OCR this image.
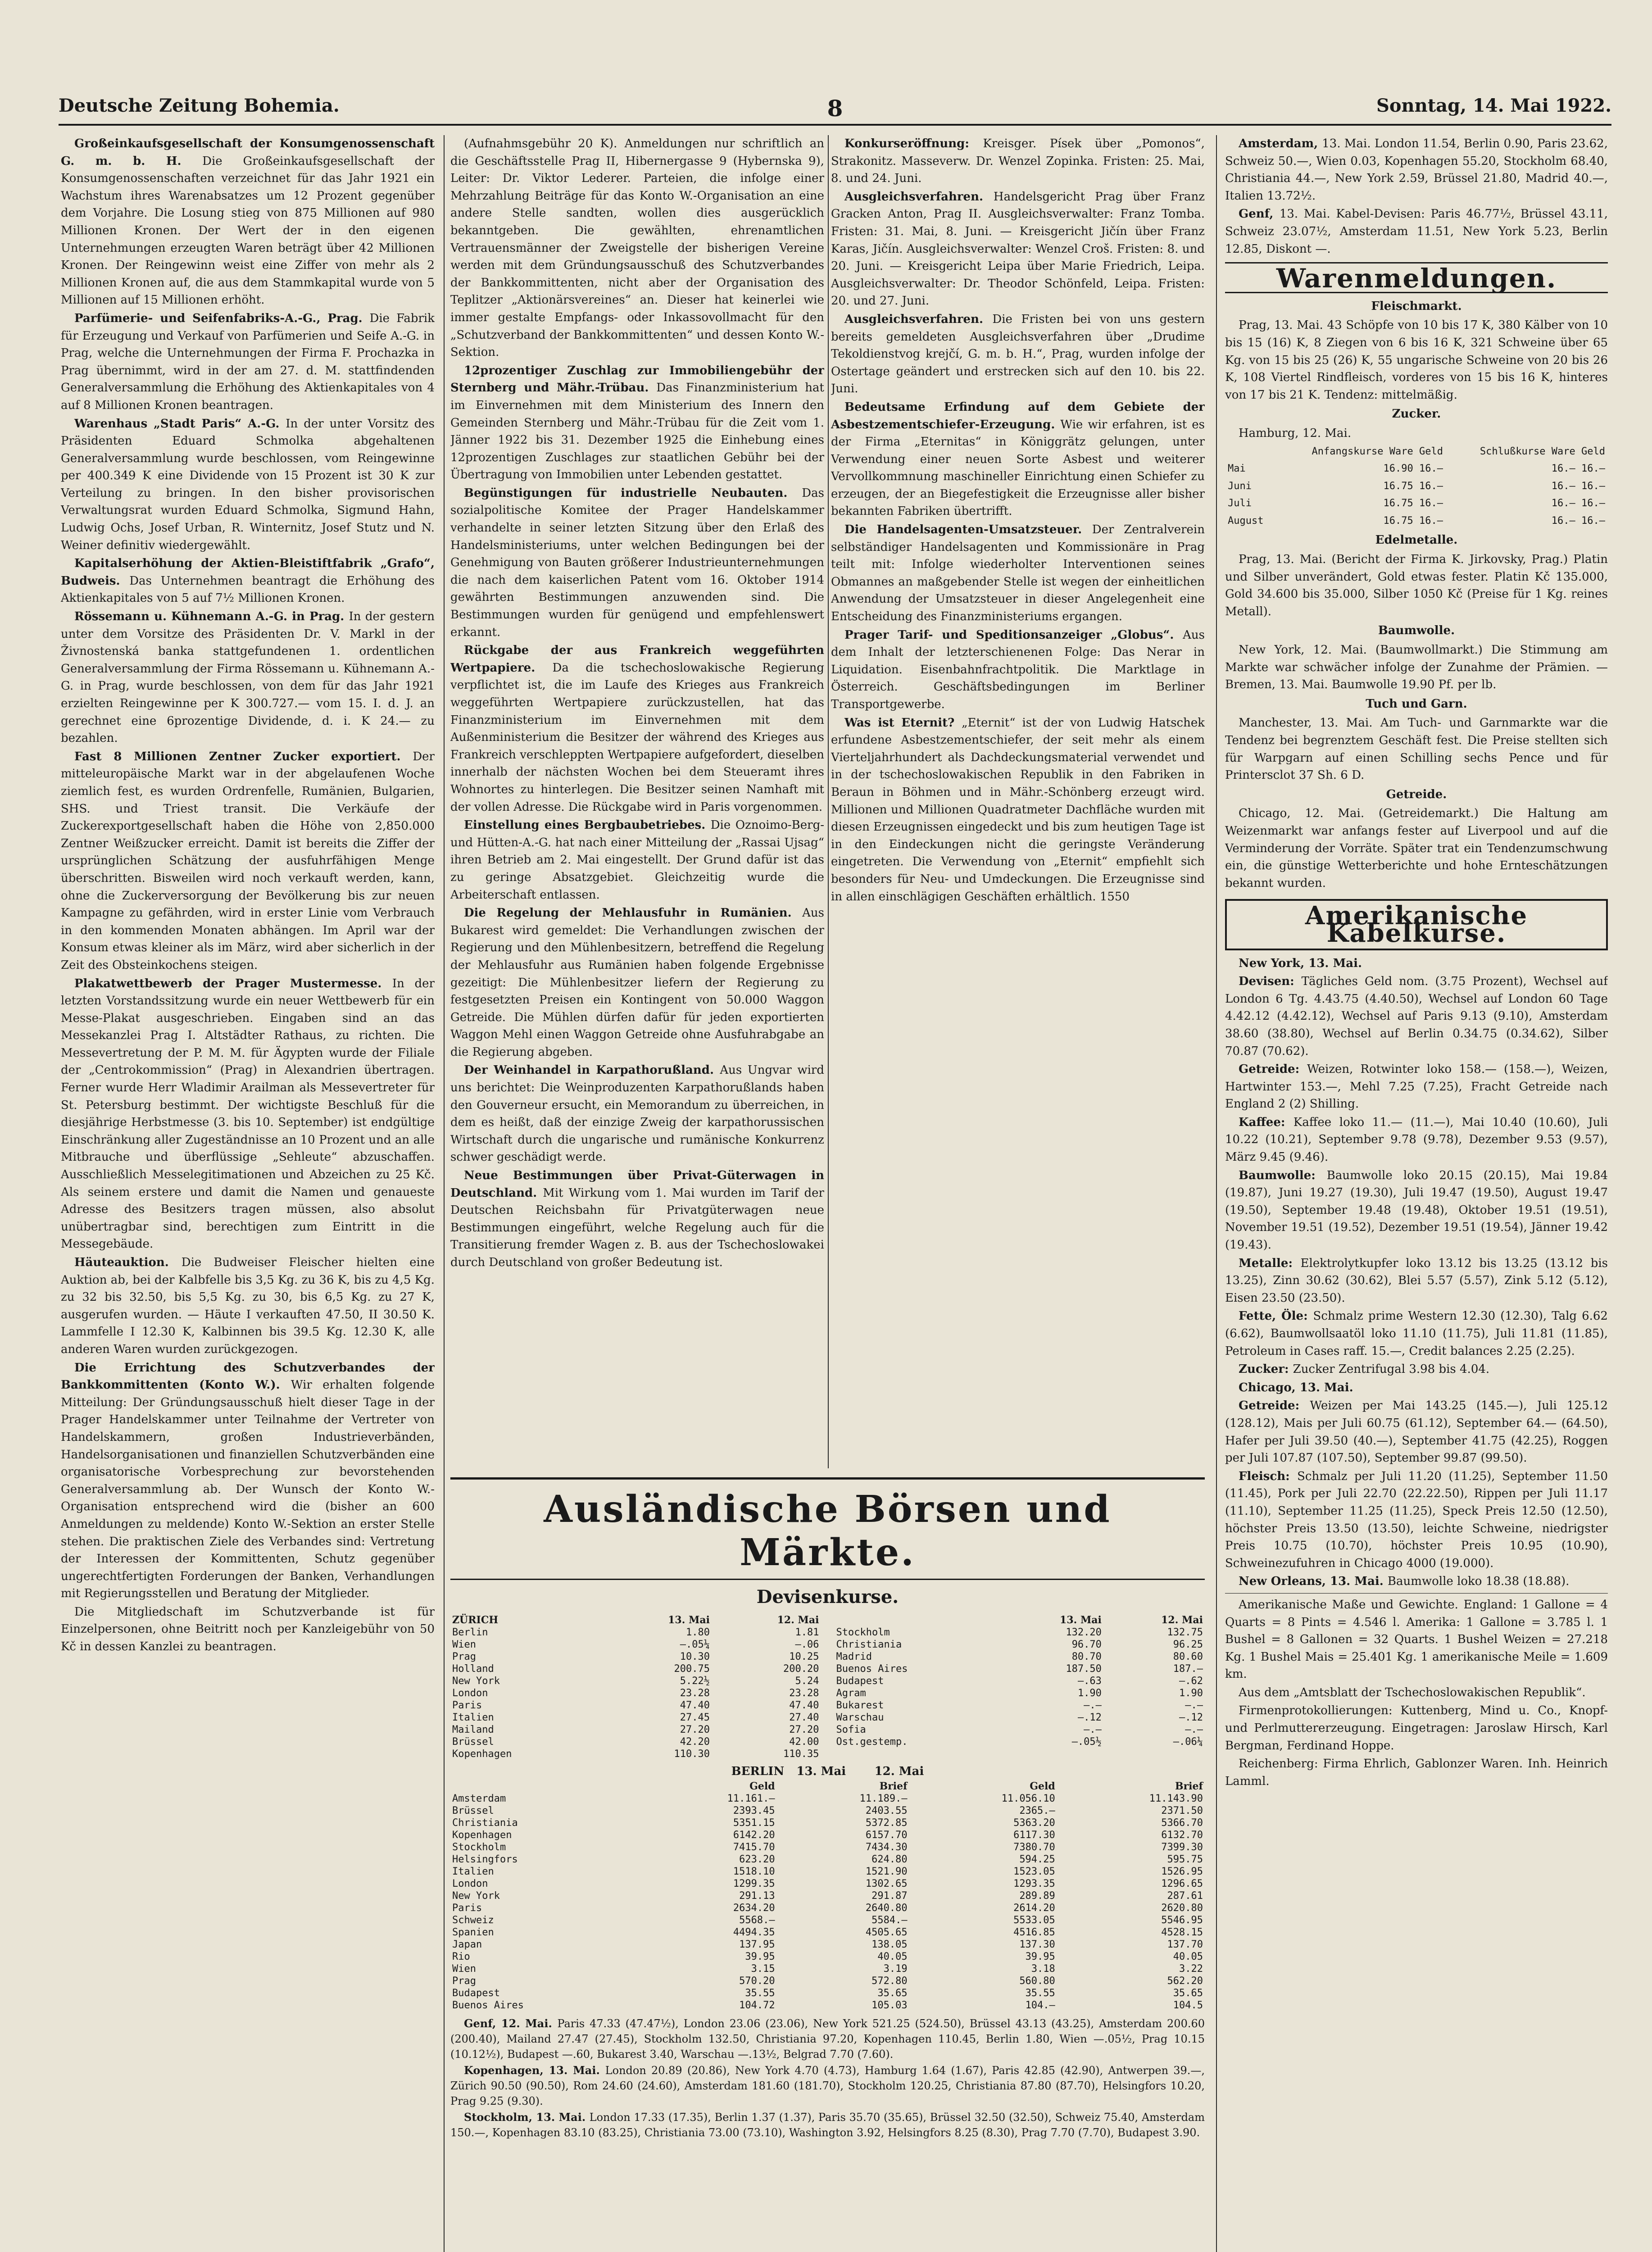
Deutsche Zeitung Bohemia.	8	Sonntag, 14. Mai 1922.

Großeinkaufsgesellschaft der Konsumgenossenschaft G. m. b. H. Die Großeinkaufsgesellschaft der Konsumgenossenschaften verzeichnet für das Jahr 1921 ein Wachstum ihres Warenabsatzes um 12 Prozent gegenüber dem Vorjahre. Die Losung stieg von 875 Millionen auf 980 Millionen Kronen. Der Wert der in den eigenen Unternehmungen erzeugten Waren beträgt über 42 Millionen Kronen. Der Reingewinn weist eine Ziffer von mehr als 2 Millionen Kronen auf, die aus dem Stammkapital wurde von 5 Millionen auf 15 Millionen erhöht.

Parfümerie- und Seifenfabriks-A.-G., Prag. Die Fabrik für Erzeugung und Verkauf von Parfümerien und Seife A.-G. in Prag, welche die Unternehmungen der Firma F. Prochazka in Prag übernimmt, wird in der am 27. d. M. stattfindenden Generalversammlung die Erhöhung des Aktienkapitales von 4 auf 8 Millionen Kronen beantragen.

Warenhaus „Stadt Paris“ A.-G. In der unter Vorsitz des Präsidenten Eduard Schmolka abgehaltenen Generalversammlung wurde beschlossen, vom Reingewinne per 400.349 K eine Dividende von 15 Prozent ist 30 K zur Verteilung zu bringen. In den bisher provisorischen Verwaltungsrat wurden Eduard Schmolka, Sigmund Hahn, Ludwig Ochs, Josef Urban, R. Winternitz, Josef Stutz und N. Weiner definitiv wiedergewählt.

Kapitalserhöhung der Aktien-Bleistiftfabrik „Grafo“, Budweis. Das Unternehmen beantragt die Erhöhung des Aktienkapitales von 5 auf 7½ Millionen Kronen.

Rössemann u. Kühnemann A.-G. in Prag. In der gestern unter dem Vorsitze des Präsidenten Dr. V. Markl in der Živnostenská banka stattgefundenen 1. ordentlichen Generalversammlung der Firma Rössemann u. Kühnemann A.-G. in Prag, wurde beschlossen, von dem für das Jahr 1921 erzielten Reingewinne per K 300.727.— vom 15. I. d. J. an gerechnet eine 6prozentige Dividende, d. i. K 24.— zu bezahlen.

Fast 8 Millionen Zentner Zucker exportiert. Der mitteleuropäische Markt war in der abgelaufenen Woche ziemlich fest, es wurden Ordrenfelle, Rumänien, Bulgarien, SHS. und Triest transit. Die Verkäufe der Zuckerexportgesellschaft haben die Höhe von 2,850.000 Zentner Weißzucker erreicht. Damit ist bereits die Ziffer der ursprünglichen Schätzung der ausfuhrfähigen Menge überschritten. Bisweilen wird noch verkauft werden, kann, ohne die Zuckerversorgung der Bevölkerung bis zur neuen Kampagne zu gefährden, wird in erster Linie vom Verbrauch in den kommenden Monaten abhängen. Im April war der Konsum etwas kleiner als im März, wird aber sicherlich in der Zeit des Obsteinkochens steigen.

Plakatwettbewerb der Prager Mustermesse. In der letzten Vorstandssitzung wurde ein neuer Wettbewerb für ein Messe-Plakat ausgeschrieben. Eingaben sind an das Messekanzlei Prag I. Altstädter Rathaus, zu richten. Die Messevertretung der P. M. M. für Ägypten wurde der Filiale der „Centrokommission“ (Prag) in Alexandrien übertragen. Ferner wurde Herr Wladimir Arailman als Messevertreter für St. Petersburg bestimmt. Der wichtigste Beschluß für die diesjährige Herbstmesse (3. bis 10. September) ist endgültige Einschränkung aller Zugeständnisse an 10 Prozent und an alle Mitbrauche und überflüssige „Sehleute“ abzuschaffen. Ausschließlich Messelegitimationen und Abzeichen zu 25 Kč. Als seinem erstere und damit die Namen und genaueste Adresse des Besitzers tragen müssen, also absolut unübertragbar sind, berechtigen zum Eintritt in die Messegebäude.

Häuteauktion. Die Budweiser Fleischer hielten eine Auktion ab, bei der Kalbfelle bis 3,5 Kg. zu 36 K, bis zu 4,5 Kg. zu 32 bis 32.50, bis 5,5 Kg. zu 30, bis 6,5 Kg. zu 27 K, ausgerufen wurden. — Häute I verkauften 47.50, II 30.50 K. Lammfelle I 12.30 K, Kalbinnen bis 39.5 Kg. 12.30 K, alle anderen Waren wurden zurückgezogen.

Die Errichtung des Schutzverbandes der Bankkommittenten (Konto W.). Wir erhalten folgende Mitteilung: Der Gründungsausschuß hielt dieser Tage in der Prager Handelskammer unter Teilnahme der Vertreter von Handelskammern, großen Industrieverbänden, Handelsorganisationen und finanziellen Schutzverbänden eine organisatorische Vorbesprechung zur bevorstehenden Generalversammlung ab. Der Wunsch der Konto W.-Organisation entsprechend wird die (bisher an 600 Anmeldungen zu meldende) Konto W.-Sektion an erster Stelle stehen. Die praktischen Ziele des Verbandes sind: Vertretung der Interessen der Kommittenten, Schutz gegenüber ungerechtfertigten Forderungen der Banken, Verhandlungen mit Regierungsstellen und Beratung der Mitglieder.

Die Mitgliedschaft im Schutzverbande ist für Einzelpersonen, ohne Beitritt noch per Kanzleigebühr von 50 Kč in dessen Kanzlei zu beantragen.

(Aufnahmsgebühr 20 K). Anmeldungen nur schriftlich an die Geschäftsstelle Prag II, Hibernergasse 9 (Hybernska 9), Leiter: Dr. Viktor Lederer. Parteien, die infolge einer Mehrzahlung Beiträge für das Konto W.-Organisation an eine andere Stelle sandten, wollen dies ausgerücklich bekanntgeben. Die gewählten, ehrenamtlichen Vertrauensmänner der Zweigstelle der bisherigen Vereine werden mit dem Gründungsausschuß des Schutzverbandes der Bankkommittenten, nicht aber der Organisation des Teplitzer „Aktionärsvereines“ an. Dieser hat keinerlei wie immer gestalte Empfangs- oder Inkassovollmacht für den „Schutzverband der Bankkommittenten“ und dessen Konto W.-Sektion.

12prozentiger Zuschlag zur Immobiliengebühr der Sternberg und Mähr.-Trübau. Das Finanzministerium hat im Einvernehmen mit dem Ministerium des Innern den Gemeinden Sternberg und Mähr.-Trübau für die Zeit vom 1. Jänner 1922 bis 31. Dezember 1925 die Einhebung eines 12prozentigen Zuschlages zur staatlichen Gebühr bei der Übertragung von Immobilien unter Lebenden gestattet.

Begünstigungen für industrielle Neubauten. Das sozialpolitische Komitee der Prager Handelskammer verhandelte in seiner letzten Sitzung über den Erlaß des Handelsministeriums, unter welchen Bedingungen bei der Genehmigung von Bauten größerer Industrieunternehmungen die nach dem kaiserlichen Patent vom 16. Oktober 1914 gewährten Bestimmungen anzuwenden sind. Die Bestimmungen wurden für genügend und empfehlenswert erkannt.

Rückgabe der aus Frankreich weggeführten Wertpapiere. Da die tschechoslowakische Regierung verpflichtet ist, die im Laufe des Krieges aus Frankreich weggeführten Wertpapiere zurückzustellen, hat das Finanzministerium im Einvernehmen mit dem Außenministerium die Besitzer der während des Krieges aus Frankreich verschleppten Wertpapiere aufgefordert, dieselben innerhalb der nächsten Wochen bei dem Steueramt ihres Wohnortes zu hinterlegen. Die Besitzer seinen Namhaft mit der vollen Adresse. Die Rückgabe wird in Paris vorgenommen.

Einstellung eines Bergbaubetriebes. Die Oznoimo-Berg- und Hütten-A.-G. hat nach einer Mitteilung der „Rassai Ujsag“ ihren Betrieb am 2. Mai eingestellt. Der Grund dafür ist das zu geringe Absatzgebiet. Gleichzeitig wurde die Arbeiterschaft entlassen.

Die Regelung der Mehlausfuhr in Rumänien. Aus Bukarest wird gemeldet: Die Verhandlungen zwischen der Regierung und den Mühlenbesitzern, betreffend die Regelung der Mehlausfuhr aus Rumänien haben folgende Ergebnisse gezeitigt: Die Mühlenbesitzer liefern der Regierung zu festgesetzten Preisen ein Kontingent von 50.000 Waggon Getreide. Die Mühlen dürfen dafür für jeden exportierten Waggon Mehl einen Waggon Getreide ohne Ausfuhrabgabe an die Regierung abgeben.

Der Weinhandel in Karpathorußland. Aus Ungvar wird uns berichtet: Die Weinproduzenten Karpathorußlands haben den Gouverneur ersucht, ein Memorandum zu überreichen, in dem es heißt, daß der einzige Zweig der karpathorussischen Wirtschaft durch die ungarische und rumänische Konkurrenz schwer geschädigt werde.

Neue Bestimmungen über Privat-Güterwagen in Deutschland. Mit Wirkung vom 1. Mai wurden im Tarif der Deutschen Reichsbahn für Privatgüterwagen neue Bestimmungen eingeführt, welche Regelung auch für die Transitierung fremder Wagen z. B. aus der Tschechoslowakei durch Deutschland von großer Bedeutung ist.

Konkurseröffnung: Kreisger. Písek über „Pomonos“, Strakonitz. Masseverw. Dr. Wenzel Zopinka. Fristen: 25. Mai, 8. und 24. Juni.

Ausgleichsverfahren. Handelsgericht Prag über Franz Gracken Anton, Prag II. Ausgleichsverwalter: Franz Tomba. Fristen: 31. Mai, 8. Juni. — Kreisgericht Jičín über Franz Karas, Jičín. Ausgleichsverwalter: Wenzel Croš. Fristen: 8. und 20. Juni. — Kreisgericht Leipa über Marie Friedrich, Leipa. Ausgleichsverwalter: Dr. Theodor Schönfeld, Leipa. Fristen: 20. und 27. Juni.

Ausgleichsverfahren. Die Fristen bei von uns gestern bereits gemeldeten Ausgleichsverfahren über „Drudime Tekoldienstvog krejčí, G. m. b. H.“, Prag, wurden infolge der Ostertage geändert und erstrecken sich auf den 10. bis 22. Juni.

Bedeutsame Erfindung auf dem Gebiete der Asbestzementschiefer-Erzeugung. Wie wir erfahren, ist es der Firma „Eternitas“ in Königgrätz gelungen, unter Verwendung einer neuen Sorte Asbest und weiterer Vervollkommnung maschineller Einrichtung einen Schiefer zu erzeugen, der an Biegefestigkeit die Erzeugnisse aller bisher bekannten Fabriken übertrifft.

Die Handelsagenten-Umsatzsteuer. Der Zentralverein selbständiger Handelsagenten und Kommissionäre in Prag teilt mit: Infolge wiederholter Interventionen seines Obmannes an maßgebender Stelle ist wegen der einheitlichen Anwendung der Umsatzsteuer in dieser Angelegenheit eine Entscheidung des Finanzministeriums ergangen.

Prager Tarif- und Speditionsanzeiger „Globus“. Aus dem Inhalt der letzterschienenen Folge: Das Nerar in Liquidation. Eisenbahnfrachtpolitik. Die Marktlage in Österreich. Geschäftsbedingungen im Berliner Transportgewerbe.

Was ist Eternit? „Eternit“ ist der von Ludwig Hatschek erfundene Asbestzementschiefer, der seit mehr als einem Vierteljahrhundert als Dachdeckungsmaterial verwendet und in der tschechoslowakischen Republik in den Fabriken in Beraun in Böhmen und in Mähr.-Schönberg erzeugt wird. Millionen und Millionen Quadratmeter Dachfläche wurden mit diesen Erzeugnissen eingedeckt und bis zum heutigen Tage ist in den Eindeckungen nicht die geringste Veränderung eingetreten. Die Verwendung von „Eternit“ empfiehlt sich besonders für Neu- und Umdeckungen. Die Erzeugnisse sind in allen einschlägigen Geschäften erhältlich. 1550

Amsterdam, 13. Mai. London 11.54, Berlin 0.90, Paris 23.62, Schweiz 50.—, Wien 0.03, Kopenhagen 55.20, Stockholm 68.40, Christiania 44.—, New York 2.59, Brüssel 21.80, Madrid 40.—, Italien 13.72½.

Genf, 13. Mai. Kabel-Devisen: Paris 46.77½, Brüssel 43.11, Schweiz 23.07½, Amsterdam 11.51, New York 5.23, Berlin 12.85, Diskont —.

Warenmeldungen.
Fleischmarkt.

Prag, 13. Mai. 43 Schöpfe von 10 bis 17 K, 380 Kälber von 10 bis 15 (16) K, 8 Ziegen von 6 bis 16 K, 321 Schweine über 65 Kg. von 15 bis 25 (26) K, 55 ungarische Schweine von 20 bis 26 K, 108 Viertel Rindfleisch, vorderes von 15 bis 16 K, hinteres von 17 bis 21 K. Tendenz: mittelmäßig.

Zucker.

Hamburg, 12. Mai.

	Anfangskurse Ware Geld	Schlußkurse Ware Geld
Mai	16.90 16.—	16.— 16.—
Juni	16.75 16.—	16.— 16.—
Juli	16.75 16.—	16.— 16.—
August	16.75 16.—	16.— 16.—
Edelmetalle.

Prag, 13. Mai. (Bericht der Firma K. Jirkovsky, Prag.) Platin und Silber unverändert, Gold etwas fester. Platin Kč 135.000, Gold 34.600 bis 35.000, Silber 1050 Kč (Preise für 1 Kg. reines Metall).

Baumwolle.

New York, 12. Mai. (Baumwollmarkt.) Die Stimmung am Markte war schwächer infolge der Zunahme der Prämien. — Bremen, 13. Mai. Baumwolle 19.90 Pf. per lb.

Tuch und Garn.

Manchester, 13. Mai. Am Tuch- und Garnmarkte war die Tendenz bei begrenztem Geschäft fest. Die Preise stellten sich für Warpgarn auf einen Schilling sechs Pence und für Printersclot 37 Sh. 6 D.

Getreide.

Chicago, 12. Mai. (Getreidemarkt.) Die Haltung am Weizenmarkt war anfangs fester auf Liverpool und auf die Verminderung der Vorräte. Später trat ein Tendenzumschwung ein, die günstige Wetterberichte und hohe Ernteschätzungen bekannt wurden.

Amerikanische Kabelkurse.

New York, 13. Mai.

Devisen: Tägliches Geld nom. (3.75 Prozent), Wechsel auf London 6 Tg. 4.43.75 (4.40.50), Wechsel auf London 60 Tage 4.42.12 (4.42.12), Wechsel auf Paris 9.13 (9.10), Amsterdam 38.60 (38.80), Wechsel auf Berlin 0.34.75 (0.34.62), Silber 70.87 (70.62).

Getreide: Weizen, Rotwinter loko 158.— (158.—), Weizen, Hartwinter 153.—, Mehl 7.25 (7.25), Fracht Getreide nach England 2 (2) Shilling.

Kaffee: Kaffee loko 11.— (11.—), Mai 10.40 (10.60), Juli 10.22 (10.21), September 9.78 (9.78), Dezember 9.53 (9.57), März 9.45 (9.46).

Baumwolle: Baumwolle loko 20.15 (20.15), Mai 19.84 (19.87), Juni 19.27 (19.30), Juli 19.47 (19.50), August 19.47 (19.50), September 19.48 (19.48), Oktober 19.51 (19.51), November 19.51 (19.52), Dezember 19.51 (19.54), Jänner 19.42 (19.43).

Metalle: Elektrolytkupfer loko 13.12 bis 13.25 (13.12 bis 13.25), Zinn 30.62 (30.62), Blei 5.57 (5.57), Zink 5.12 (5.12), Eisen 23.50 (23.50).

Fette, Öle: Schmalz prime Western 12.30 (12.30), Talg 6.62 (6.62), Baumwollsaatöl loko 11.10 (11.75), Juli 11.81 (11.85), Petroleum in Cases raff. 15.—, Credit balances 2.25 (2.25).

Zucker: Zucker Zentrifugal 3.98 bis 4.04.

Chicago, 13. Mai.

Getreide: Weizen per Mai 143.25 (145.—), Juli 125.12 (128.12), Mais per Juli 60.75 (61.12), September 64.— (64.50), Hafer per Juli 39.50 (40.—), September 41.75 (42.25), Roggen per Juli 107.87 (107.50), September 99.87 (99.50).

Fleisch: Schmalz per Juli 11.20 (11.25), September 11.50 (11.45), Pork per Juli 22.70 (22.22.50), Rippen per Juli 11.17 (11.10), September 11.25 (11.25), Speck Preis 12.50 (12.50), höchster Preis 13.50 (13.50), leichte Schweine, niedrigster Preis 10.75 (10.70), höchster Preis 10.95 (10.90), Schweinezufuhren in Chicago 4000 (19.000).

New Orleans, 13. Mai. Baumwolle loko 18.38 (18.88).

Amerikanische Maße und Gewichte. England: 1 Gallone = 4 Quarts = 8 Pints = 4.546 l. Amerika: 1 Gallone = 3.785 l. 1 Bushel = 8 Gallonen = 32 Quarts. 1 Bushel Weizen = 27.218 Kg. 1 Bushel Mais = 25.401 Kg. 1 amerikanische Meile = 1.609 km.

Aus dem „Amtsblatt der Tschechoslowakischen Republik“.

Firmenprotokollierungen: Kuttenberg, Mind u. Co., Knopf- und Perlmuttererzeugung. Eingetragen: Jaroslaw Hirsch, Karl Bergman, Ferdinand Hoppe.

Reichenberg: Firma Ehrlich, Gablonzer Waren. Inh. Heinrich Lamml.

Ausländische Börsen und Märkte.
Devisenkurse.
ZÜRICH	13. Mai	12. Mai
Berlin	1.80	1.81
Wien	—.05¼	—.06
Prag	10.30	10.25
Holland	200.75	200.20
New York	5.22½	5.24
London	23.28	23.28
Paris	47.40	47.40
Italien	27.45	27.40
Mailand	27.20	27.20
Brüssel	42.20	42.00
Kopenhagen	110.30	110.35
	13. Mai	12. Mai
Stockholm	132.20	132.75
Christiania	96.70	96.25
Madrid	80.70	80.60
Buenos Aires	187.50	187.—
Budapest	—.63	—.62
Agram	1.90	1.90
Bukarest	—.—	—.—
Warschau	—.12	—.12
Sofia	—.—	—.—
Ost.gestemp.	—.05½	—.06¼
BERLIN 13. Mai 12. Mai
	Geld	Brief	Geld	Brief
Amsterdam	11.161.—	11.189.—	11.056.10	11.143.90
Brüssel	2393.45	2403.55	2365.—	2371.50
Christiania	5351.15	5372.85	5363.20	5366.70
Kopenhagen	6142.20	6157.70	6117.30	6132.70
Stockholm	7415.70	7434.30	7380.70	7399.30
Helsingfors	623.20	624.80	594.25	595.75
Italien	1518.10	1521.90	1523.05	1526.95
London	1299.35	1302.65	1293.35	1296.65
New York	291.13	291.87	289.89	287.61
Paris	2634.20	2640.80	2614.20	2620.80
Schweiz	5568.—	5584.—	5533.05	5546.95
Spanien	4494.35	4505.65	4516.85	4528.15
Japan	137.95	138.05	137.30	137.70
Rio	39.95	40.05	39.95	40.05
Wien	3.15	3.19	3.18	3.22
Prag	570.20	572.80	560.80	562.20
Budapest	35.55	35.65	35.55	35.65
Buenos Aires	104.72	105.03	104.—	104.5

Genf, 12. Mai. Paris 47.33 (47.47½), London 23.06 (23.06), New York 521.25 (524.50), Brüssel 43.13 (43.25), Amsterdam 200.60 (200.40), Mailand 27.47 (27.45), Stockholm 132.50, Christiania 97.20, Kopenhagen 110.45, Berlin 1.80, Wien —.05½, Prag 10.15 (10.12½), Budapest —.60, Bukarest 3.40, Warschau —.13½, Belgrad 7.70 (7.60).

Kopenhagen, 13. Mai. London 20.89 (20.86), New York 4.70 (4.73), Hamburg 1.64 (1.67), Paris 42.85 (42.90), Antwerpen 39.—, Zürich 90.50 (90.50), Rom 24.60 (24.60), Amsterdam 181.60 (181.70), Stockholm 120.25, Christiania 87.80 (87.70), Helsingfors 10.20, Prag 9.25 (9.30).

Stockholm, 13. Mai. London 17.33 (17.35), Berlin 1.37 (1.37), Paris 35.70 (35.65), Brüssel 32.50 (32.50), Schweiz 75.40, Amsterdam 150.—, Kopenhagen 83.10 (83.25), Christiania 73.00 (73.10), Washington 3.92, Helsingfors 8.25 (8.30), Prag 7.70 (7.70), Budapest 3.90.
